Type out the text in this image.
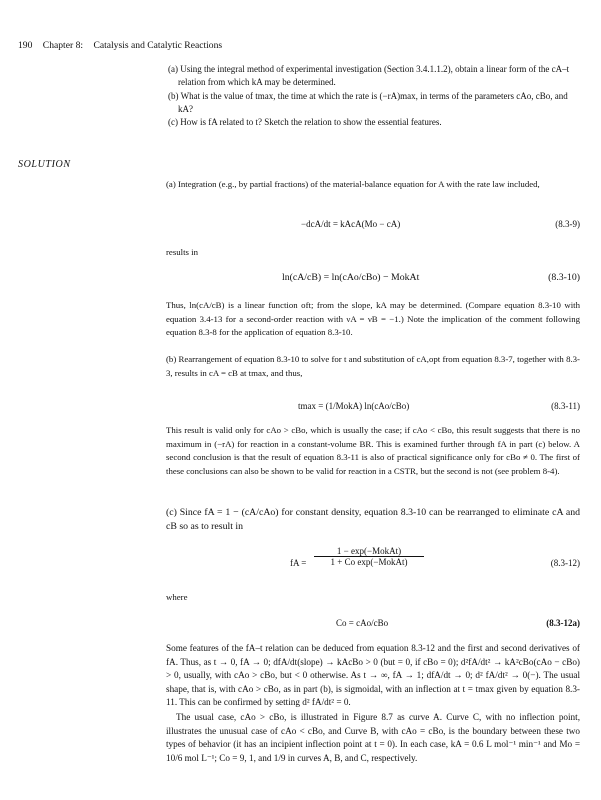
190 Chapter 8: Catalysis and Catalytic Reactions

(a) Using the integral method of experimental investigation (Section 3.4.1.1.2), obtain a linear form of the cA–t relation from which kA may be determined.

(b) What is the value of tmax, the time at which the rate is (−rA)max, in terms of the parameters cAo, cBo, and kA?

(c) How is fA related to t? Sketch the relation to show the essential features.

SOLUTION

(a) Integration (e.g., by partial fractions) of the material-balance equation for A with the rate law included,

−dcA/dt = kAcA(Mo − cA)	(8.3-9)

results in

ln(cA/cB) = ln(cAo/cBo) − MokAt	(8.3-10)

Thus, ln(cA/cB) is a linear function oft; from the slope, kA may be determined. (Compare equation 8.3-10 with equation 3.4-13 for a second-order reaction with νA = νB = −1.) Note the implication of the comment following equation 8.3-8 for the application of equation 8.3-10.

(b) Rearrangement of equation 8.3-10 to solve for t and substitution of cA,opt from equation 8.3-7, together with 8.3-3, results in cA = cB at tmax, and thus,

tmax = (1/MokA) ln(cAo/cBo)	(8.3-11)

This result is valid only for cAo > cBo, which is usually the case; if cAo < cBo, this result suggests that there is no maximum in (−rA) for reaction in a constant-volume BR. This is examined further through fA in part (c) below. A second conclusion is that the result of equation 8.3-11 is also of practical significance only for cBo ≠ 0. The first of these conclusions can also be shown to be valid for reaction in a CSTR, but the second is not (see problem 8-4).

(c) Since fA = 1 − (cA/cAo) for constant density, equation 8.3-10 can be rearranged to eliminate cA and cB so as to result in

fA =
1 − exp(−MokAt)
1 + Co exp(−MokAt)	(8.3-12)

where

Co = cAo/cBo	(8.3-12a)

Some features of the fA–t relation can be deduced from equation 8.3-12 and the first and second derivatives of fA. Thus, as t → 0, fA → 0; dfA/dt(slope) → kAcBo > 0 (but = 0, if cBo = 0); d²fA/dt² → kA²cBo(cAo − cBo) > 0, usually, with cAo > cBo, but < 0 otherwise. As t → ∞, fA → 1; dfA/dt → 0; d² fA/dt² → 0(−). The usual shape, that is, with cAo > cBo, as in part (b), is sigmoidal, with an inflection at t = tmax given by equation 8.3-11. This can be confirmed by setting d² fA/dt² = 0.

The usual case, cAo > cBo, is illustrated in Figure 8.7 as curve A. Curve C, with no inflection point, illustrates the unusual case of cAo < cBo, and Curve B, with cAo = cBo, is the boundary between these two types of behavior (it has an incipient inflection point at t = 0). In each case, kA = 0.6 L mol⁻¹ min⁻¹ and Mo = 10/6 mol L⁻¹; Co = 9, 1, and 1/9 in curves A, B, and C, respectively.
